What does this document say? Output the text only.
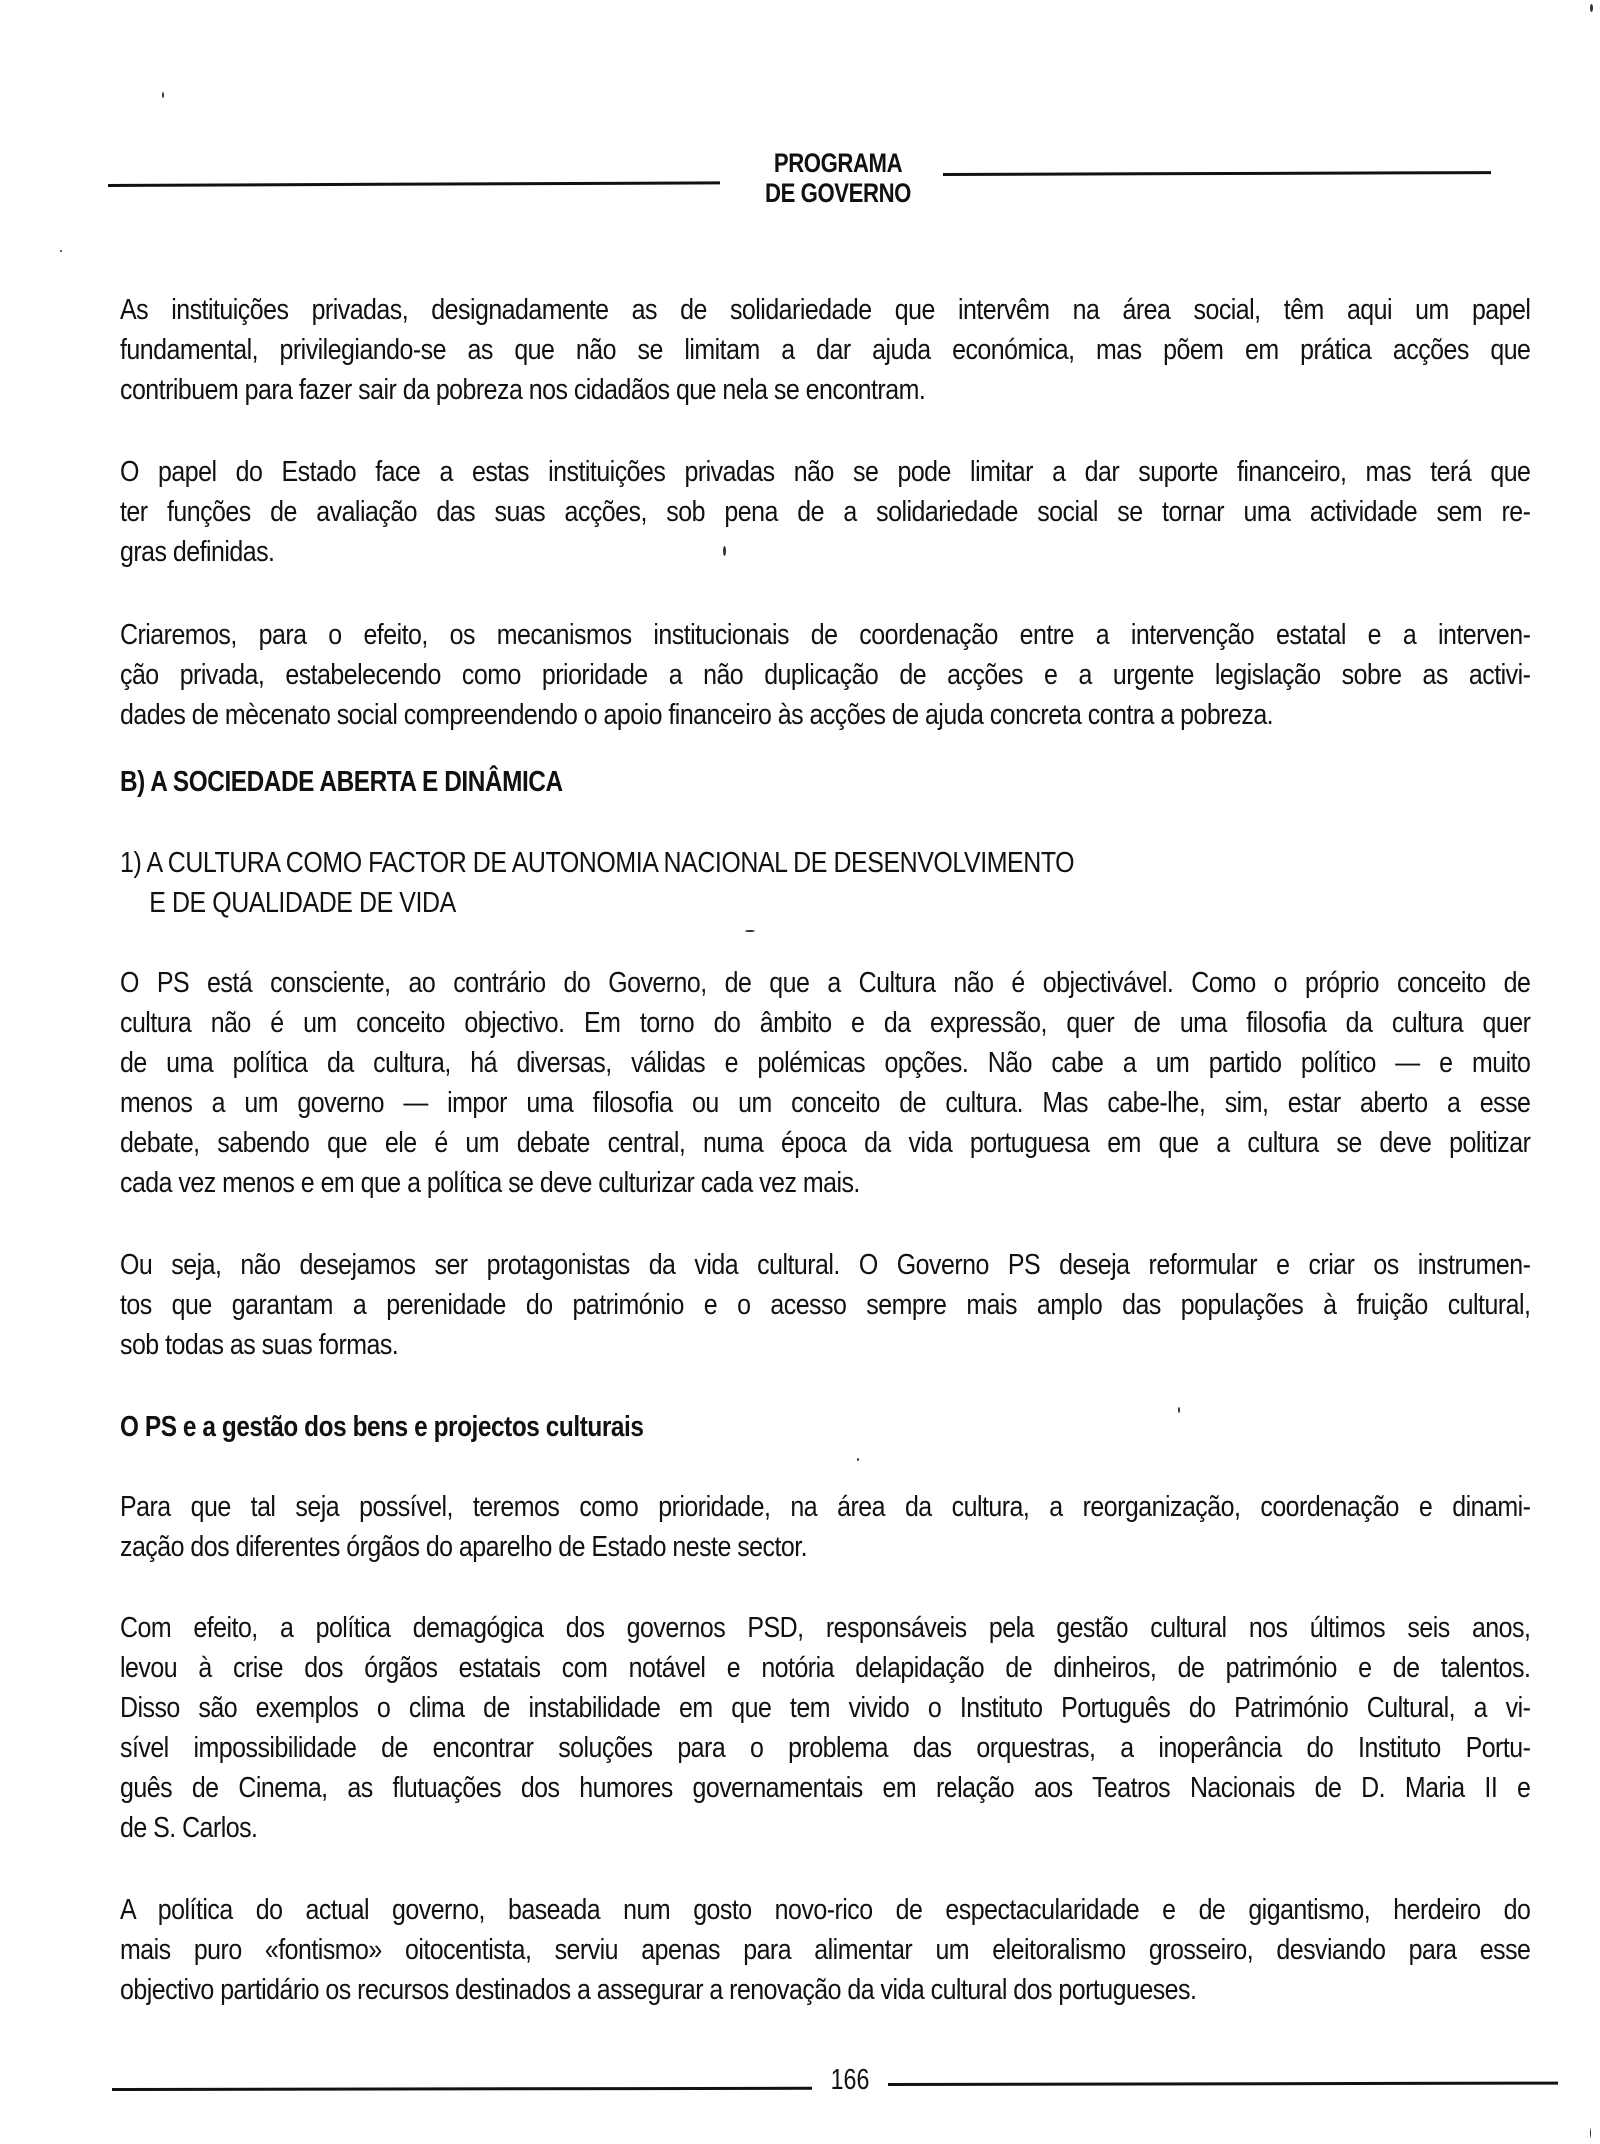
PROGRAMA
DE GOVERNO

As instituições privadas, designadamente as de solidariedade que intervêm na área social, têm aqui um papel
fundamental, privilegiando-se as que não se limitam a dar ajuda económica, mas põem em prática acções que
contribuem para fazer sair da pobreza nos cidadãos que nela se encontram.

O papel do Estado face a estas instituições privadas não se pode limitar a dar suporte financeiro, mas terá que
ter funções de avaliação das suas acções, sob pena de a solidariedade social se tornar uma actividade sem re-
gras definidas.

Criaremos, para o efeito, os mecanismos institucionais de coordenação entre a intervenção estatal e a interven-
ção privada, estabelecendo como prioridade a não duplicação de acções e a urgente legislação sobre as activi-
dades de mècenato social compreendendo o apoio financeiro às acções de ajuda concreta contra a pobreza.

B) A SOCIEDADE ABERTA E DINÂMICA
1) A CULTURA COMO FACTOR DE AUTONOMIA NACIONAL DE DESENVOLVIMENTO
E DE QUALIDADE DE VIDA

O PS está consciente, ao contrário do Governo, de que a Cultura não é objectivável. Como o próprio conceito de
cultura não é um conceito objectivo. Em torno do âmbito e da expressão, quer de uma filosofia da cultura quer
de uma política da cultura, há diversas, válidas e polémicas opções. Não cabe a um partido político — e muito
menos a um governo — impor uma filosofia ou um conceito de cultura. Mas cabe-lhe, sim, estar aberto a esse
debate, sabendo que ele é um debate central, numa época da vida portuguesa em que a cultura se deve politizar
cada vez menos e em que a política se deve culturizar cada vez mais.

Ou seja, não desejamos ser protagonistas da vida cultural. O Governo PS deseja reformular e criar os instrumen-
tos que garantam a perenidade do património e o acesso sempre mais amplo das populações à fruição cultural,
sob todas as suas formas.

O PS e a gestão dos bens e projectos culturais

Para que tal seja possível, teremos como prioridade, na área da cultura, a reorganização, coordenação e dinami-
zação dos diferentes órgãos do aparelho de Estado neste sector.

Com efeito, a política demagógica dos governos PSD, responsáveis pela gestão cultural nos últimos seis anos,
levou à crise dos órgãos estatais com notável e notória delapidação de dinheiros, de património e de talentos.
Disso são exemplos o clima de instabilidade em que tem vivido o Instituto Português do Património Cultural, a vi-
sível impossibilidade de encontrar soluções para o problema das orquestras, a inoperância do Instituto Portu-
guês de Cinema, as flutuações dos humores governamentais em relação aos Teatros Nacionais de D. Maria II e
de S. Carlos.

A política do actual governo, baseada num gosto novo-rico de espectacularidade e de gigantismo, herdeiro do
mais puro «fontismo» oitocentista, serviu apenas para alimentar um eleitoralismo grosseiro, desviando para esse
objectivo partidário os recursos destinados a assegurar a renovação da vida cultural dos portugueses.

166
